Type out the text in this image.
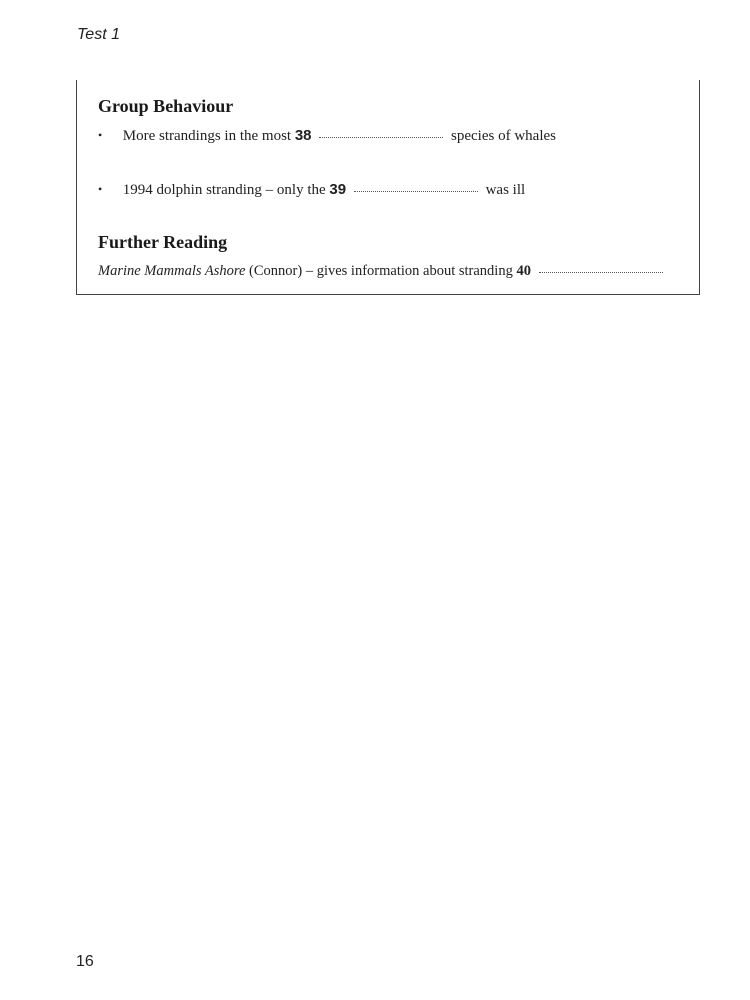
Test 1
Group Behaviour
• More strandings in the most 38	species of whales
• 1994 dolphin stranding – only the 39	was ill
Further Reading
Marine Mammals Ashore (Connor) – gives information about stranding 40
16
